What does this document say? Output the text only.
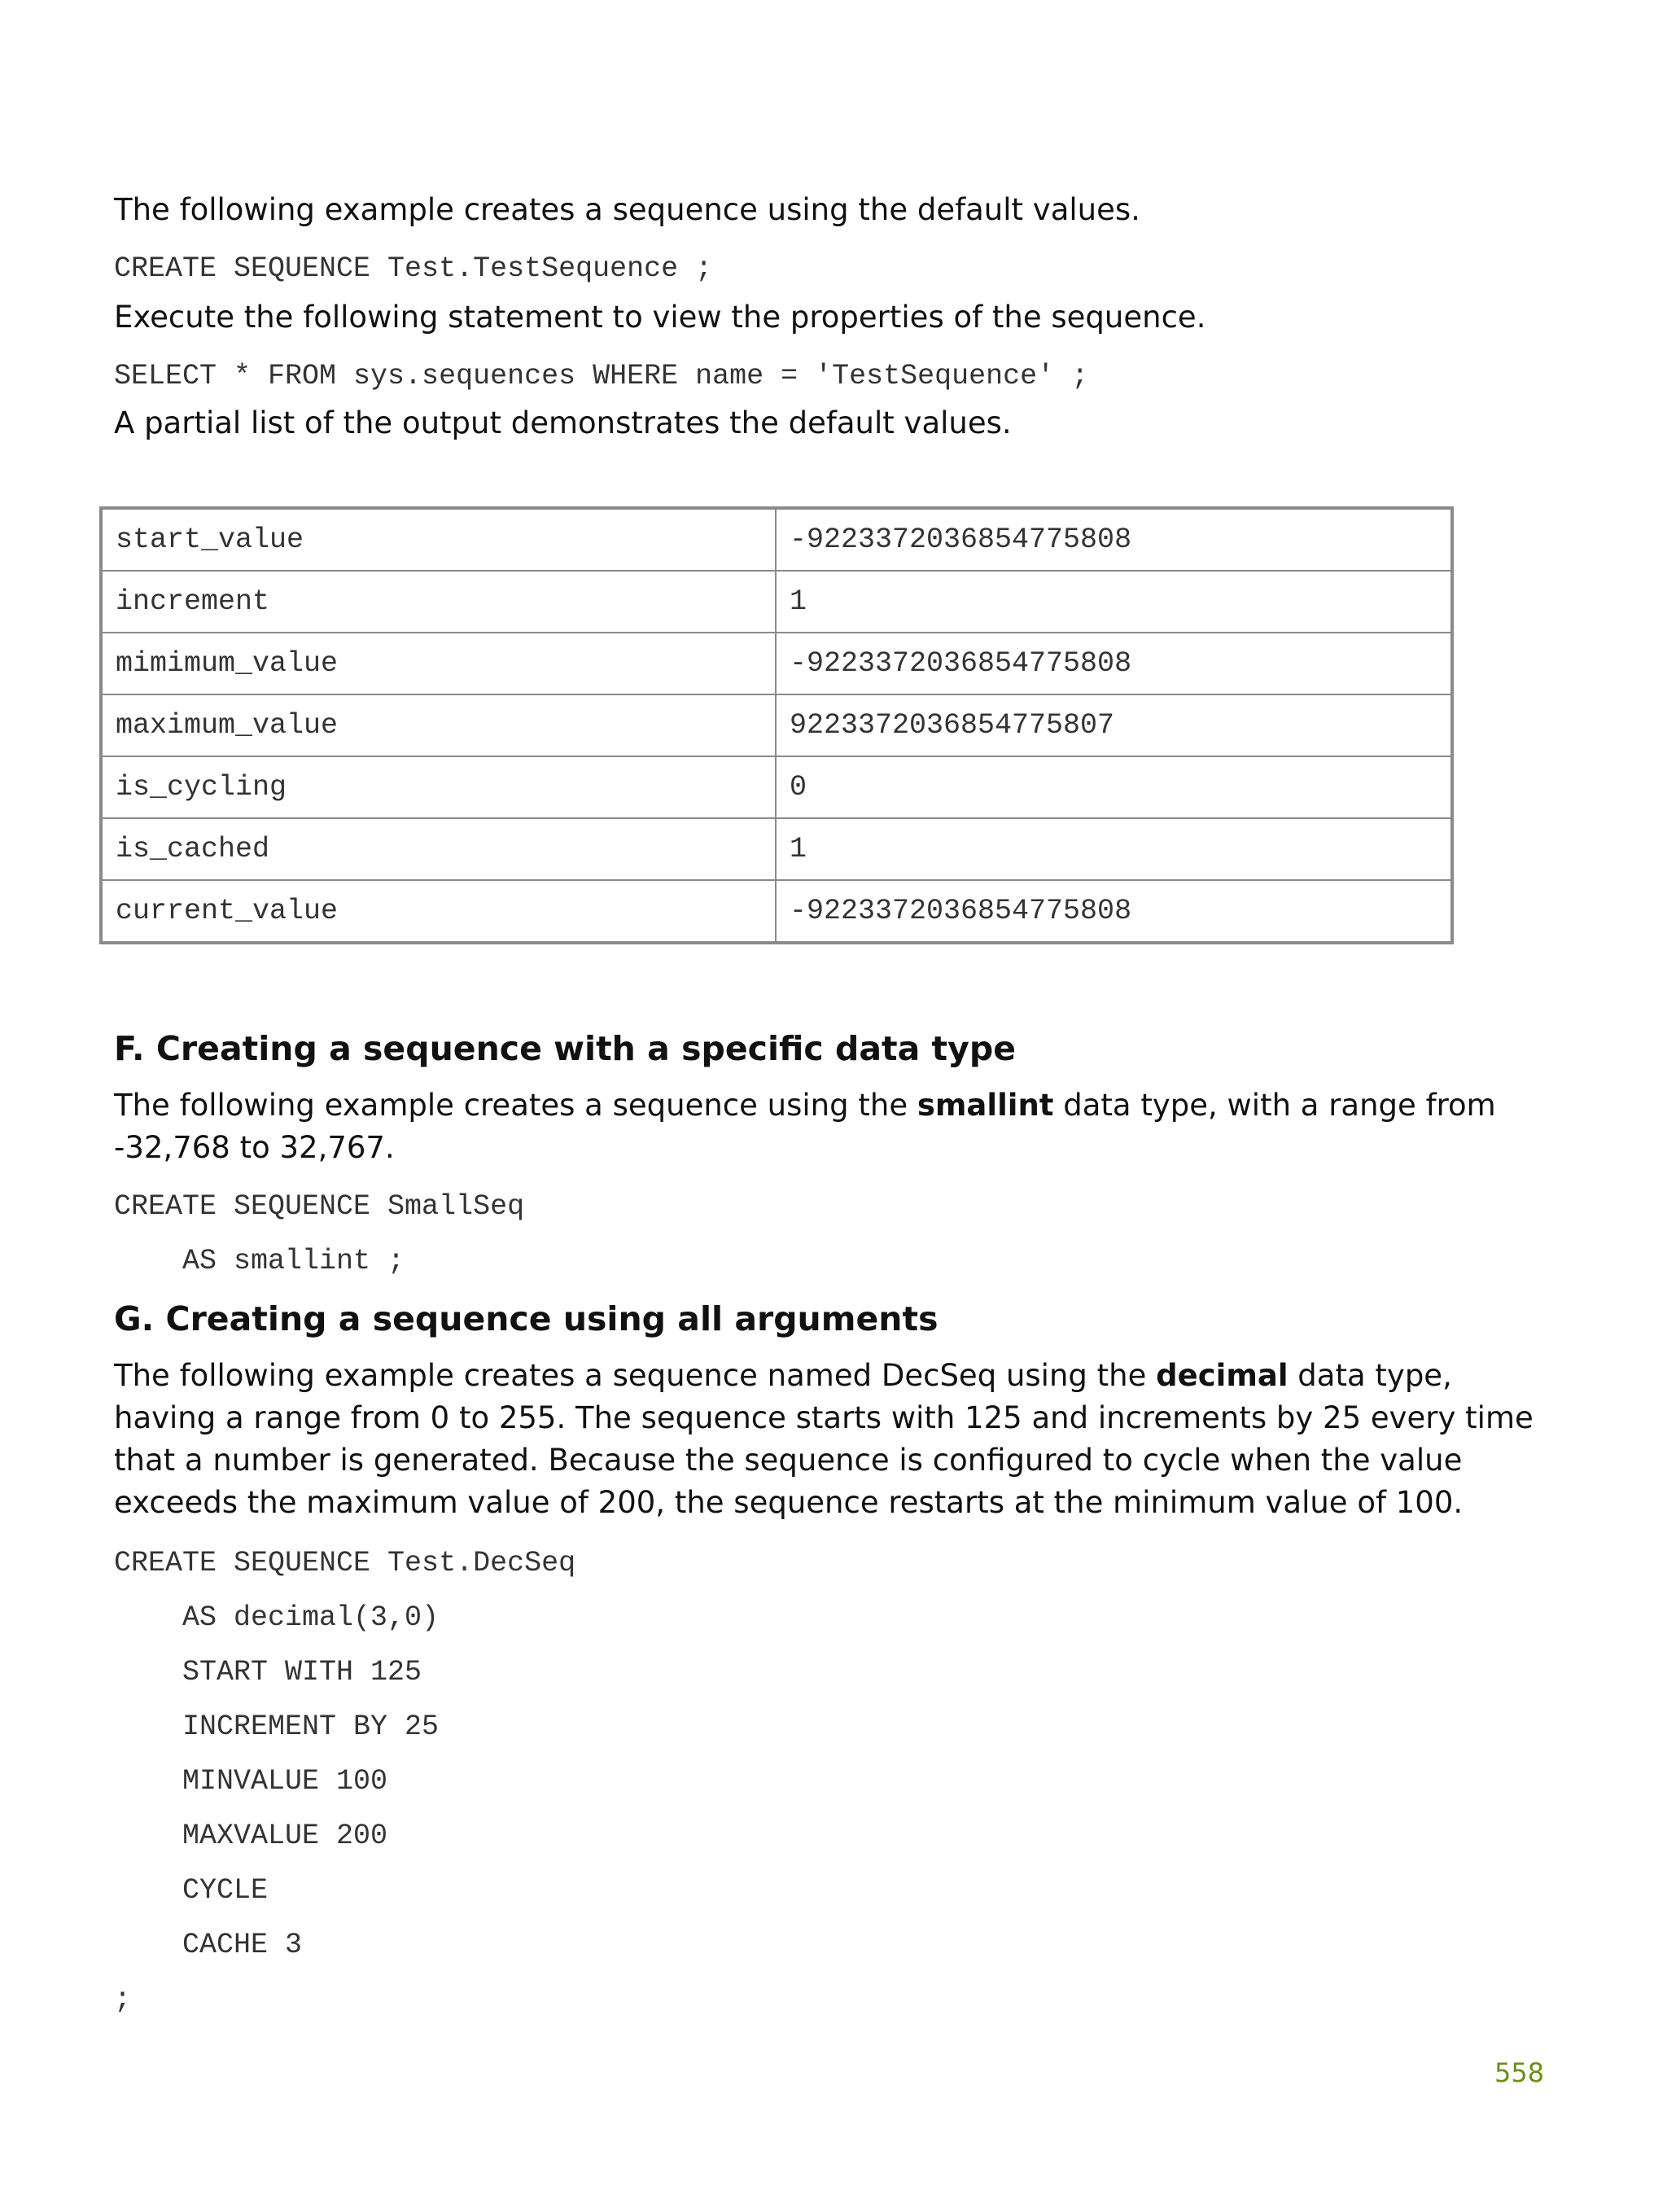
The following example creates a sequence using the default values.

CREATE SEQUENCE Test.TestSequence ;

Execute the following statement to view the properties of the sequence.

SELECT * FROM sys.sequences WHERE name = 'TestSequence' ;

A partial list of the output demonstrates the default values.

start_value	-9223372036854775808
increment	1
mimimum_value	-9223372036854775808
maximum_value	9223372036854775807
is_cycling	0
is_cached	1
current_value	-9223372036854775808
F. Creating a sequence with a specific data type

The following example creates a sequence using the smallint data type, with a range from -32,768 to 32,767.

CREATE SEQUENCE SmallSeq
AS smallint ;
G. Creating a sequence using all arguments

The following example creates a sequence named DecSeq using the decimal data type, having a range from 0 to 255. The sequence starts with 125 and increments by 25 every time that a number is generated. Because the sequence is configured to cycle when the value exceeds the maximum value of 200, the sequence restarts at the minimum value of 100.

CREATE SEQUENCE Test.DecSeq
AS decimal(3,0)
START WITH 125
INCREMENT BY 25
MINVALUE 100
MAXVALUE 200
CYCLE
CACHE 3
;
558
